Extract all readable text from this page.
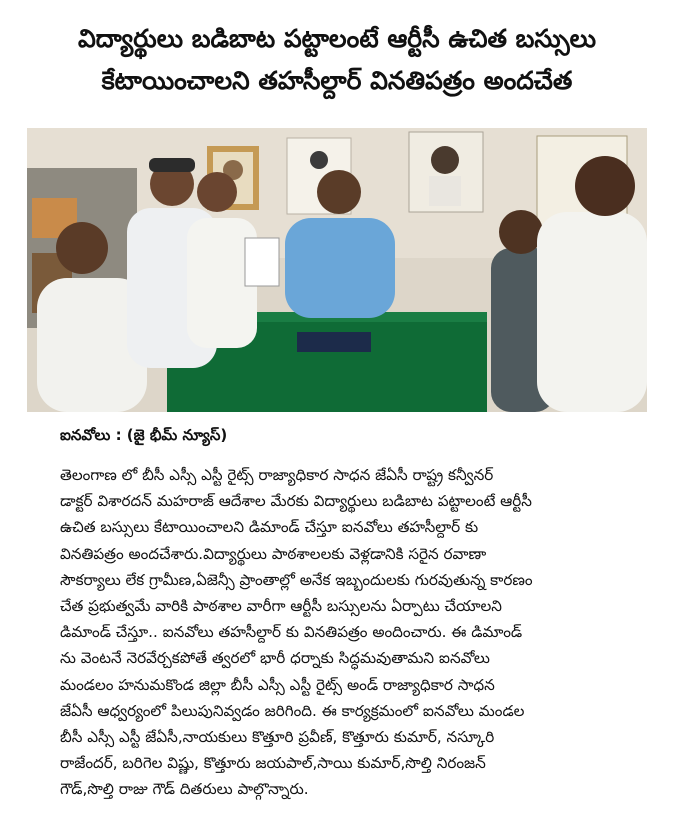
విద్యార్థులు బడిబాట పట్టాలంటే ఆర్టీసీ ఉచిత బస్సులు
కేటాయించాలని తహసీల్దార్ వినతిపత్రం అందచేత
ఐనవోలు : (జై భీమ్ న్యూస్)
తెలంగాణ లో బీసీ ఎస్సీ ఎస్టీ రైట్స్ రాజ్యాధికార సాధన జేఏసీ రాష్ట్ర కన్వీనర్
డాక్టర్ విశారదన్ మహరాజ్ ఆదేశాల మేరకు విద్యార్థులు బడిబాట పట్టాలంటే ఆర్టీసీ
ఉచిత బస్సులు కేటాయించాలని డిమాండ్ చేస్తూ ఐనవోలు తహసీల్దార్ కు
వినతిపత్రం అందచేశారు.విద్యార్థులు పాఠశాలలకు వెళ్లడానికి సరైన రవాణా
సౌకర్యాలు లేక గ్రామీణ,ఏజెన్సీ ప్రాంతాల్లో అనేక ఇబ్బందులకు గురవుతున్న కారణం
చేత ప్రభుత్వమే వారికి పాఠశాల వారీగా ఆర్టీసీ బస్సులను ఏర్పాటు చేయాలని
డిమాండ్ చేస్తూ.. ఐనవోలు తహసీల్దార్ కు వినతిపత్రం అందించారు. ఈ డిమాండ్
ను వెంటనే నెరవేర్చకపోతే త్వరలో భారీ ధర్నాకు సిద్ధమవుతామని ఐనవోలు
మండలం హనుమకొండ జిల్లా బీసీ ఎస్సీ ఎస్టీ రైట్స్ అండ్ రాజ్యాధికార సాధన
జేఏసీ ఆధ్వర్యంలో పిలుపునివ్వడం జరిగింది. ఈ కార్యక్రమంలో ఐనవోలు మండల
బీసీ ఎస్సీ ఎస్టీ జేఏసీ,నాయకులు కొత్తూరి ప్రవీణ్, కొత్తూరు కుమార్, నస్కూరి
రాజేందర్, బరిగెల విష్ణు, కొత్తూరు జయపాల్,సాయి కుమార్,సొల్తి నిరంజన్
గౌడ్,సొల్తి రాజు గౌడ్ దితరులు పాల్గొన్నారు.
